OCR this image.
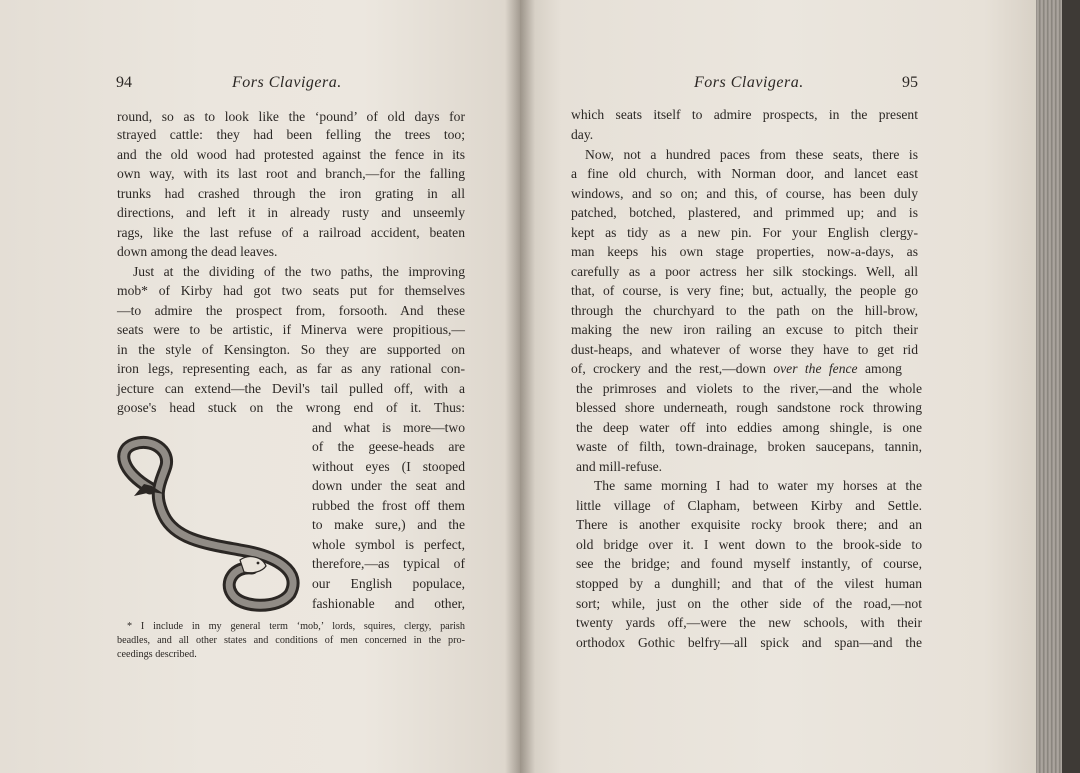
94	Fors Clavigera.
round, so as to look like the ‘pound’ of old days for
strayed cattle: they had been felling the trees too;
and the old wood had protested against the fence in its
own way, with its last root and branch,—for the falling
trunks had crashed through the iron grating in all
directions, and left it in already rusty and unseemly
rags, like the last refuse of a railroad accident, beaten
down among the dead leaves.
Just at the dividing of the two paths, the improving
mob* of Kirby had got two seats put for themselves
—to admire the prospect from, forsooth. And these
seats were to be artistic, if Minerva were propitious,—
in the style of Kensington. So they are supported on
iron legs, representing each, as far as any rational con-
jecture can extend—the Devil's tail pulled off, with a
goose's head stuck on the wrong end of it. Thus:
and what is more—two
of the geese-heads are
without eyes (I stooped
down under the seat and
rubbed the frost off them
to make sure,) and the
whole symbol is perfect,
therefore,—as typical of
our English populace,
fashionable and other,
* I include in my general term ‘mob,’ lords, squires, clergy, parish
beadles, and all other states and conditions of men concerned in the pro-
ceedings described.
Fors Clavigera.	95
which seats itself to admire prospects, in the present
day.
Now, not a hundred paces from these seats, there is
a fine old church, with Norman door, and lancet east
windows, and so on; and this, of course, has been duly
patched, botched, plastered, and primmed up; and is
kept as tidy as a new pin. For your English clergy-
man keeps his own stage properties, now-a-days, as
carefully as a poor actress her silk stockings. Well, all
that, of course, is very fine; but, actually, the people go
through the churchyard to the path on the hill-brow,
making the new iron railing an excuse to pitch their
dust-heaps, and whatever of worse they have to get rid
of, crockery and the rest,—down over the fence among
the primroses and violets to the river,—and the whole
blessed shore underneath, rough sandstone rock throwing
the deep water off into eddies among shingle, is one
waste of filth, town-drainage, broken saucepans, tannin,
and mill-refuse.
The same morning I had to water my horses at the
little village of Clapham, between Kirby and Settle.
There is another exquisite rocky brook there; and an
old bridge over it. I went down to the brook-side to
see the bridge; and found myself instantly, of course,
stopped by a dunghill; and that of the vilest human
sort; while, just on the other side of the road,—not
twenty yards off,—were the new schools, with their
orthodox Gothic belfry—all spick and span—and the
